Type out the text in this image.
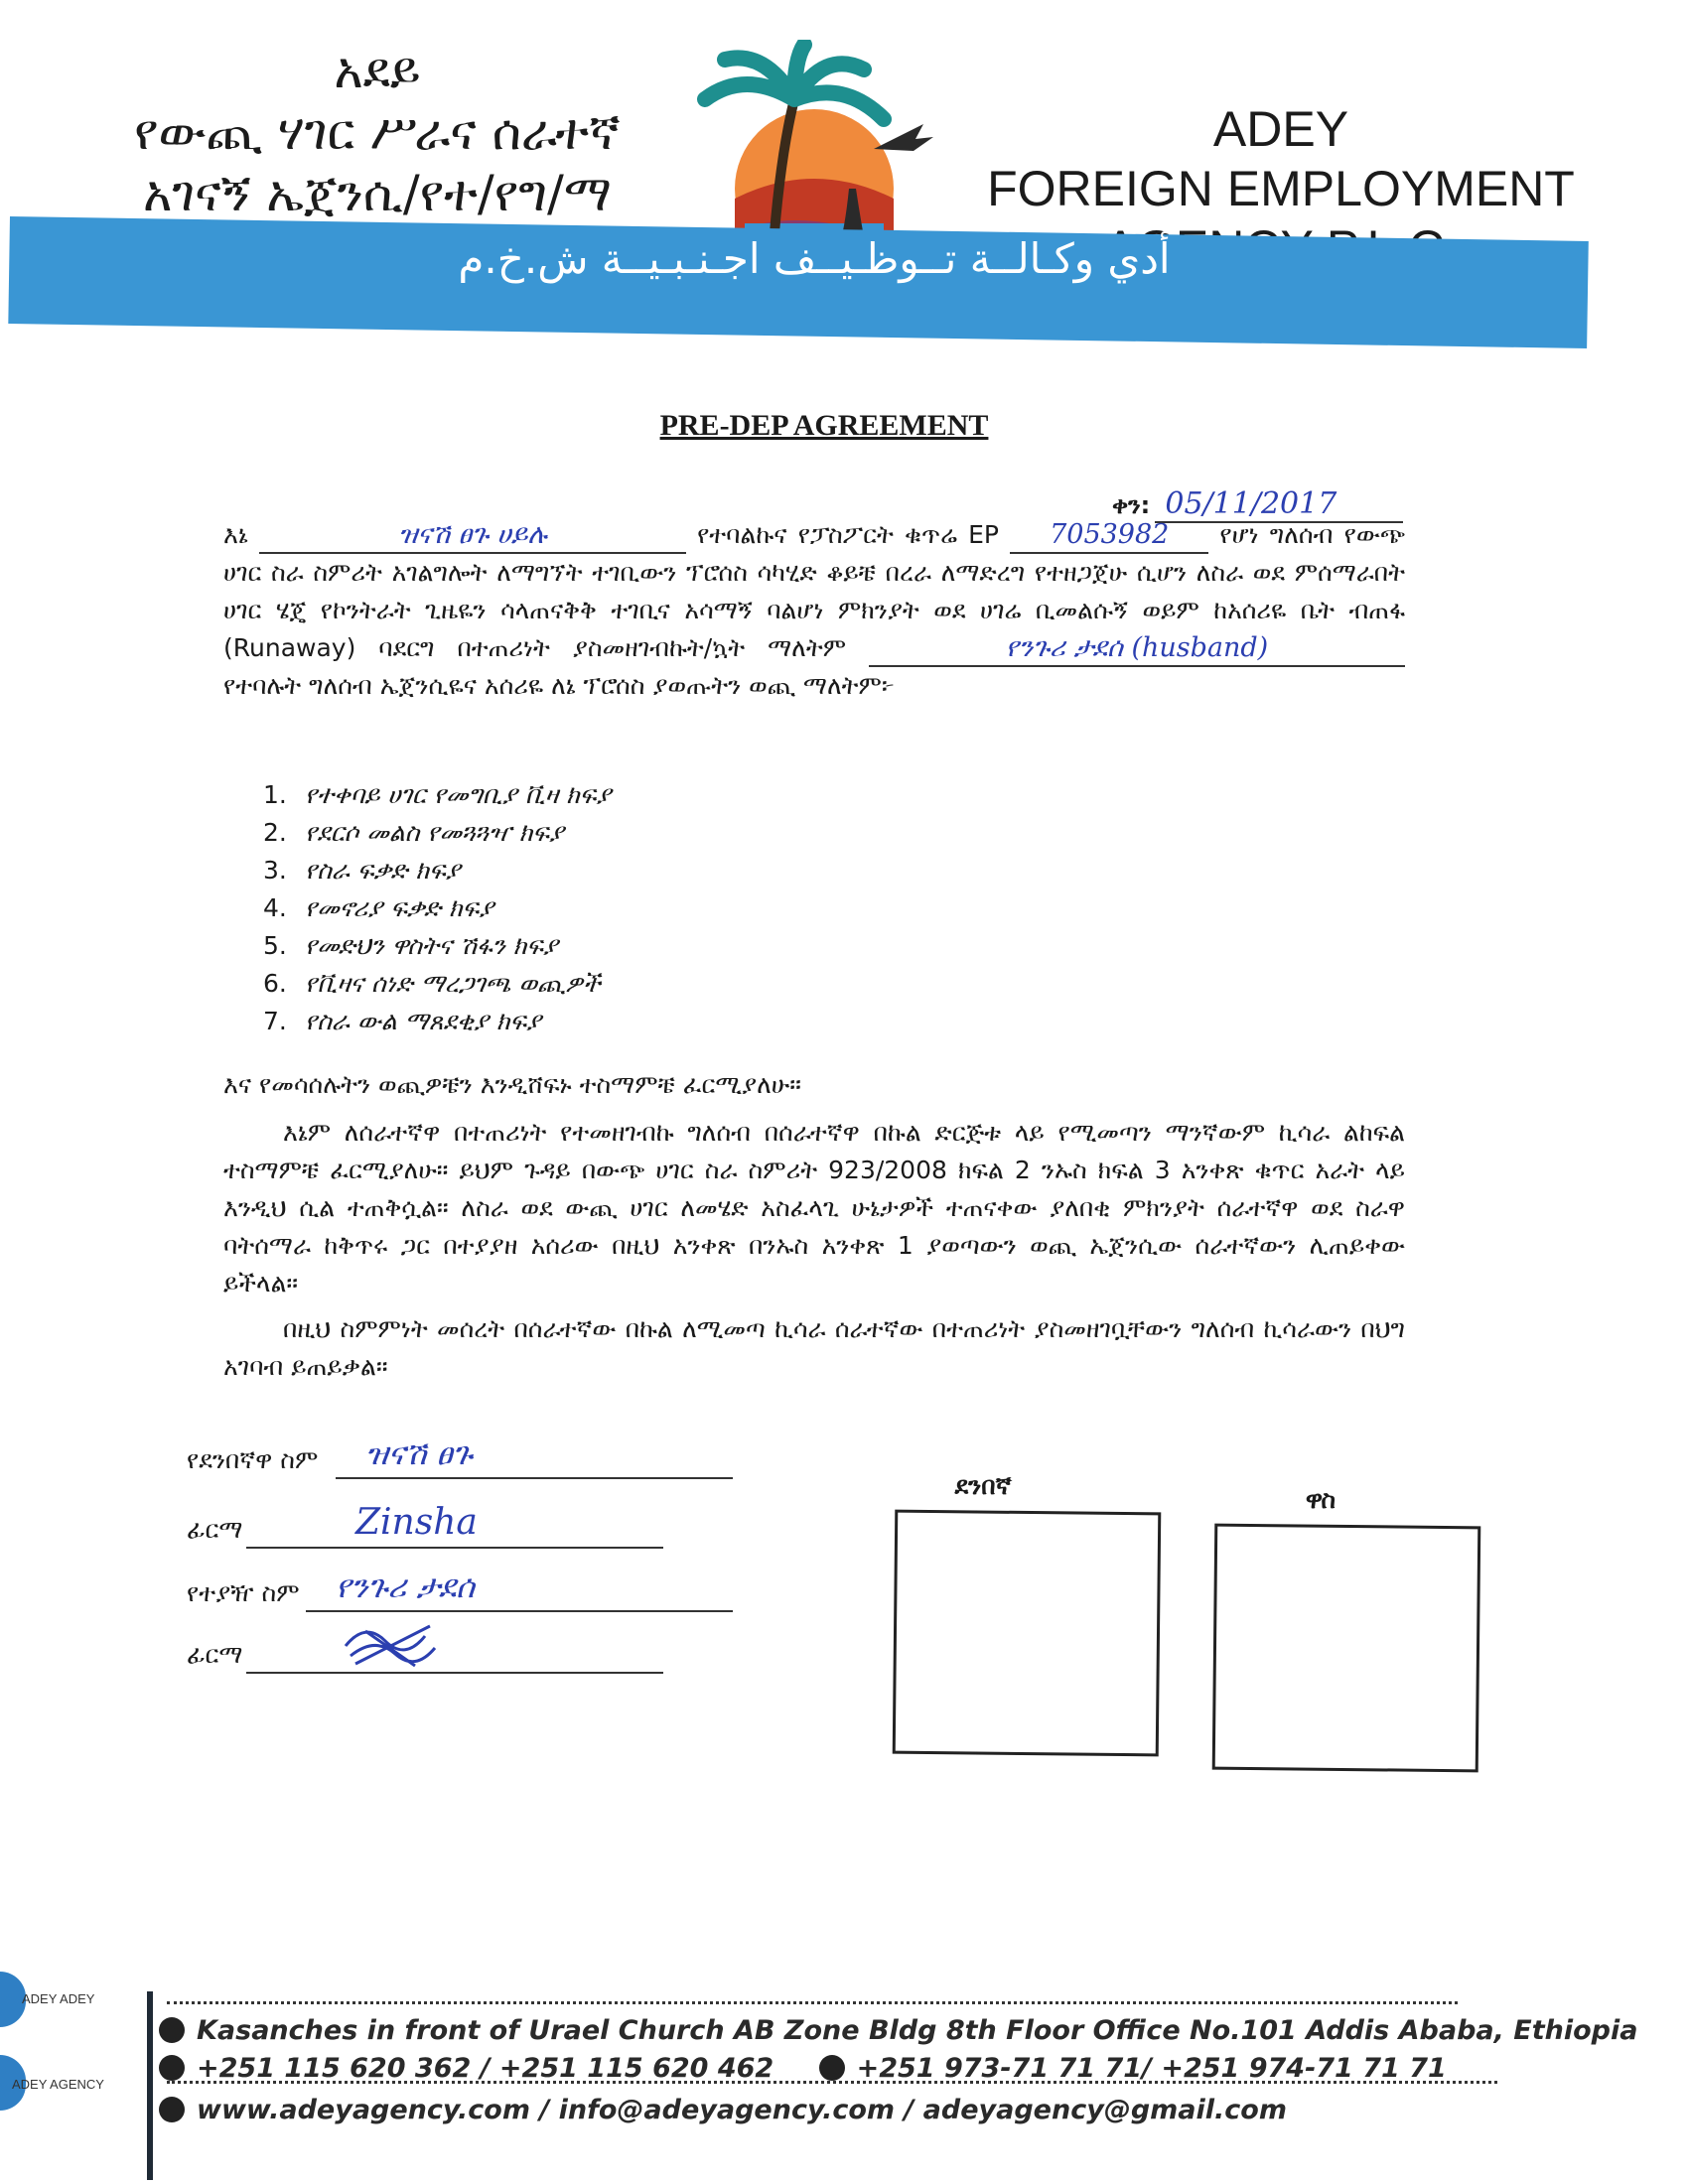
አደይ
የውጪ ሃገር ሥራና ሰራተኛ
አገናኝ ኤጀንሲ/የተ/የግ/ማ
ADEY
FOREIGN EMPLOYMENT
أدي وكـالــة تــوظـيــف اجـنـبـيــة ش.خ.م
PRE-DEP AGREEMENT
ቀን: 05/11/2017
እኔ	ዝናሽ ፀጉ ሀይሉ	የተባልኩና የፓስፖርት ቁጥሬ EP 7053982 የሆነ ግለሰብ የውጭ ሀገር ስራ ስምሪት አገልግሎት ለማግኘት ተገቢውን ፕሮሰስ ሳካሂድ ቆይቼ በረራ ለማድረግ የተዘጋጀሁ ሲሆን ለስራ ወደ ምሰማራበት ሀገር ሄጄ የኮንትራት ጊዜዬን ሳላጠናቅቅ ተገቢና አሳማኝ ባልሆነ ምክንያት ወደ ሀገሬ ቢመልሱኝ ወይም ከአሰሪዬ ቤት ብጠፋ (Runaway) ባደርግ በተጠሪነት ያስመዘገብኩት/ኳት ማለትም	የንጉሪ ታደሰ (husband) የተባሉት ግለሰብ ኤጀንሲዬና አሰሪዬ ለኔ ፕሮሰስ ያወጡትን ወጪ ማለትም፦
1. የተቀባይ ሀገር የመግቢያ ቪዛ ክፍያ
2. የደርሶ መልስ የመጓጓዣ ክፍያ
3. የስራ ፍቃድ ክፍያ
4. የመኖሪያ ፍቃድ ክፍያ
5. የመድህን ዋስትና ሽፋን ክፍያ
6. የቪዛና ሰነድ ማረጋገጫ ወጪዎች
7. የስራ ውል ማጸደቂያ ክፍያ
እና የመሳሰሉትን ወጪዎቼን እንዲሸፍኑ ተስማምቼ ፈርሚያለሁ።
እኔም ለሰራተኛዋ በተጠሪነት የተመዘገብኩ ግለሰብ በሰራተኛዋ በኩል ድርጅቱ ላይ የሚመጣን ማንኛውም ኪሳራ ልከፍል ተስማምቼ ፈርሚያለሁ። ይህም ጉዳይ በውጭ ሀገር ስራ ስምሪት 923/2008 ክፍል 2 ንኡስ ክፍል 3 አንቀጽ ቁጥር አራት ላይ እንዲህ ሲል ተጠቅሷል። ለስራ ወደ ውጪ ሀገር ለመሄድ አስፈላጊ ሁኔታዎች ተጠናቀው ያለበቂ ምክንያት ሰራተኛዋ ወደ ስራዋ ባትሰማራ ከቅጥሩ ጋር በተያያዘ አሰሪው በዚህ አንቀጽ በንኡስ አንቀጽ 1 ያወጣውን ወጪ ኤጀንሲው ሰራተኛውን ሊጠይቀው ይችላል።
በዚህ ስምምነት መሰረት በሰራተኛው በኩል ለሚመጣ ኪሳራ ሰራተኛው በተጠሪነት ያስመዘገቧቸውን ግለሰብ ኪሳራውን በህግ አገባብ ይጠይቃል።
የደንበኛዋ ስም ዝናሽ ፀጉ
ፊርማ	Zinsha
የተያዥ ስም የንጉሪ ታደሰ
ፊርማ
ደንበኛ	ዋስ
ADEY ADEY
ADEY AGENCY
Kasanches in front of Urael Church AB Zone Bldg 8th Floor Office No.101 Addis Ababa, Ethiopia
+251 115 620 362 / +251 115 620 462	+251 973-71 71 71/ +251 974-71 71 71
www.adeyagency.com / info@adeyagency.com / adeyagency@gmail.com
